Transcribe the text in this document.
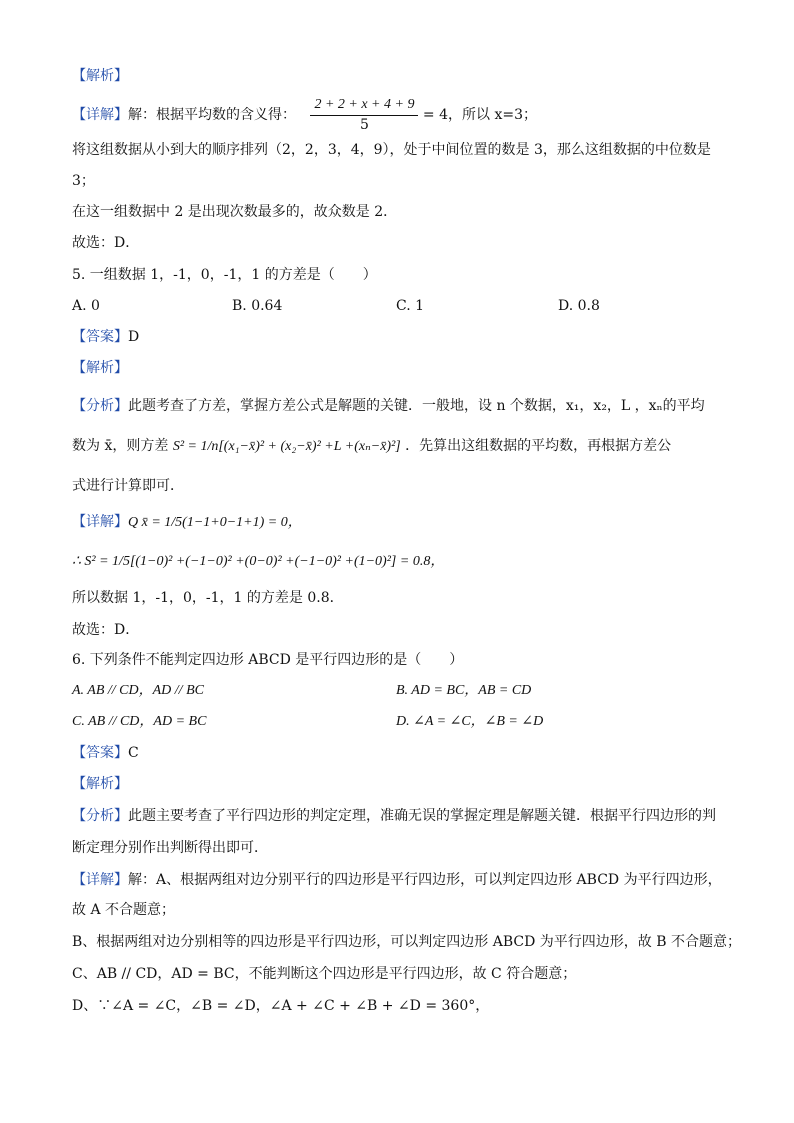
【解析】
【详解】解：根据平均数的含义得： $\frac{2 + 2 + x + 4 + 9}{5} = 4$，所以 x=3；
将这组数据从小到大的顺序排列（2，2，3，4，9），处于中间位置的数是 3，那么这组数据的中位数是
3；
在这一组数据中 2 是出现次数最多的，故众数是 2．
故选：D．
5. 一组数据 1，-1，0，-1，1 的方差是（　　）
A. 0	B. 0.64	C. 1	D. 0.8
【答案】D
【解析】
【分析】此题考查了方差，掌握方差公式是解题的关键．一般地，设 n 个数据，x₁，x₂，L ，xₙ的平均
数为 x̄，则方差 S² = 1/n[(x₁−x̄)² + (x₂−x̄)² +L +(xₙ−x̄)²] ．先算出这组数据的平均数，再根据方差公
式进行计算即可．
【详解】Q x̄ = 1/5(1−1+0−1+1) = 0，
∴ S² = 1/5[(1−0)² +(−1−0)² +(0−0)² +(−1−0)² +(1−0)²] = 0.8，
所以数据 1，-1，0，-1，1 的方差是 0.8．
故选：D．
6. 下列条件不能判定四边形 ABCD 是平行四边形的是（　　）
A. AB // CD，AD // BC	B. AD = BC，AB = CD
C. AB // CD，AD = BC	D. ∠A = ∠C，∠B = ∠D
【答案】C
【解析】
【分析】此题主要考查了平行四边形的判定定理，准确无误的掌握定理是解题关键．根据平行四边形的判
断定理分别作出判断得出即可．
【详解】解：A、根据两组对边分别平行的四边形是平行四边形，可以判定四边形 ABCD 为平行四边形，
故 A 不合题意；
B、根据两组对边分别相等的四边形是平行四边形，可以判定四边形 ABCD 为平行四边形，故 B 不合题意；
C、AB // CD，AD = BC，不能判断这个四边形是平行四边形，故 C 符合题意；
D、∵∠A = ∠C，∠B = ∠D，∠A + ∠C + ∠B + ∠D = 360°，
